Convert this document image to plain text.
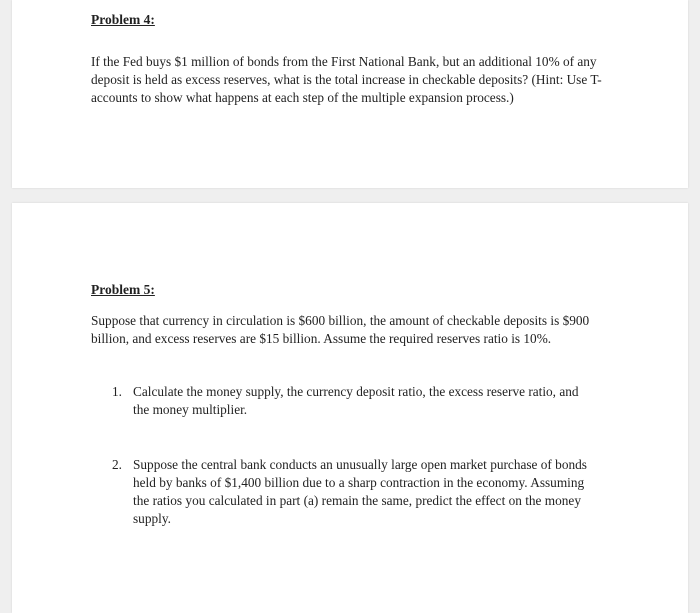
Problem 4:

If the Fed buys $1 million of bonds from the First National Bank, but an additional 10% of any deposit is held as excess reserves, what is the total increase in checkable deposits? (Hint: Use T-accounts to show what happens at each step of the multiple expansion process.)

Problem 5:

Suppose that currency in circulation is $600 billion, the amount of checkable deposits is $900 billion, and excess reserves are $15 billion. Assume the required reserves ratio is 10%.

1. Calculate the money supply, the currency deposit ratio, the excess reserve ratio, and the money multiplier.
2. Suppose the central bank conducts an unusually large open market purchase of bonds held by banks of $1,400 billion due to a sharp contraction in the economy. Assuming the ratios you calculated in part (a) remain the same, predict the effect on the money supply.
